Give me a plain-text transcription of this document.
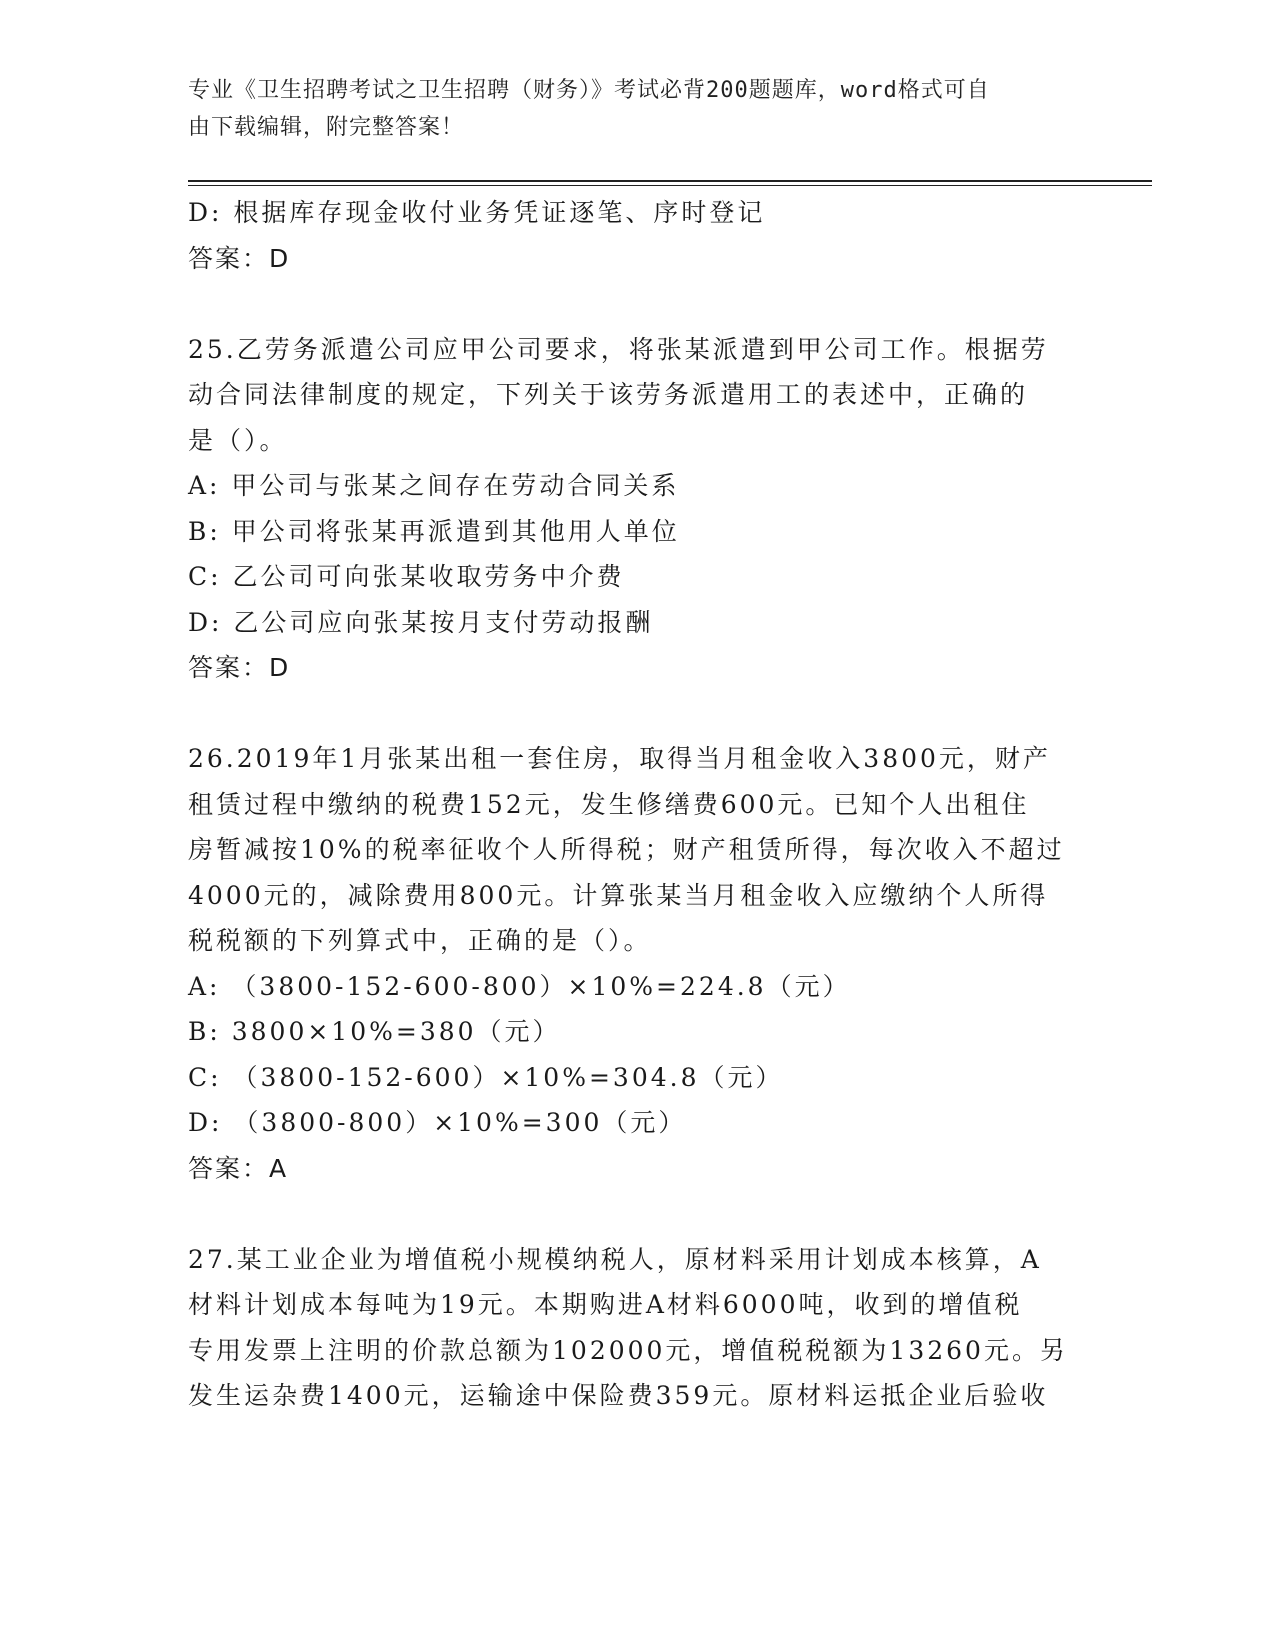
专业《卫生招聘考试之卫生招聘（财务）》考试必背200题题库，word格式可自
由下载编辑，附完整答案！
D: 根据库存现金收付业务凭证逐笔、序时登记
答案：D
25.乙劳务派遣公司应甲公司要求，将张某派遣到甲公司工作。根据劳
动合同法律制度的规定，下列关于该劳务派遣用工的表述中，正确的
是（）。
A: 甲公司与张某之间存在劳动合同关系
B: 甲公司将张某再派遣到其他用人单位
C: 乙公司可向张某收取劳务中介费
D: 乙公司应向张某按月支付劳动报酬
答案：D
26.2019年1月张某出租一套住房，取得当月租金收入3800元，财产
租赁过程中缴纳的税费152元，发生修缮费600元。已知个人出租住
房暂减按10%的税率征收个人所得税；财产租赁所得，每次收入不超过
4000元的，减除费用800元。计算张某当月租金收入应缴纳个人所得
税税额的下列算式中，正确的是（）。
A: （3800-152-600-800）×10%=224.8（元）
B: 3800×10%=380（元）
C: （3800-152-600）×10%=304.8（元）
D: （3800-800）×10%=300（元）
答案：A
27.某工业企业为增值税小规模纳税人，原材料采用计划成本核算，A
材料计划成本每吨为19元。本期购进A材料6000吨，收到的增值税
专用发票上注明的价款总额为102000元，增值税税额为13260元。另
发生运杂费1400元，运输途中保险费359元。原材料运抵企业后验收
